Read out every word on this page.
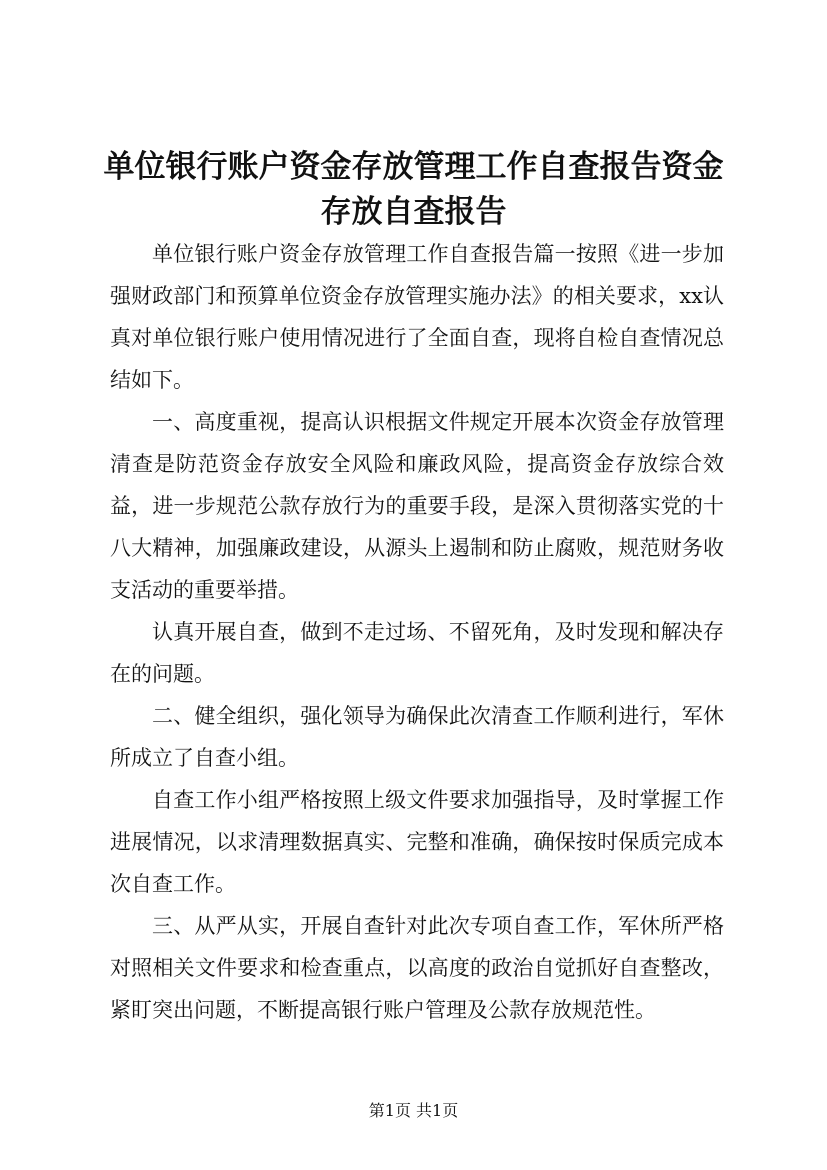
单位银行账户资金存放管理工作自查报告资金存放自查报告

单位银行账户资金存放管理工作自查报告篇一按照《进一步加强财政部门和预算单位资金存放管理实施办法》的相关要求，xx认真对单位银行账户使用情况进行了全面自查，现将自检自查情况总结如下。

一、高度重视，提高认识根据文件规定开展本次资金存放管理清查是防范资金存放安全风险和廉政风险，提高资金存放综合效益，进一步规范公款存放行为的重要手段，是深入贯彻落实党的十八大精神，加强廉政建设，从源头上遏制和防止腐败，规范财务收支活动的重要举措。

认真开展自查，做到不走过场、不留死角，及时发现和解决存在的问题。

二、健全组织，强化领导为确保此次清查工作顺利进行，军休所成立了自查小组。

自查工作小组严格按照上级文件要求加强指导，及时掌握工作进展情况，以求清理数据真实、完整和准确，确保按时保质完成本次自查工作。

三、从严从实，开展自查针对此次专项自查工作，军休所严格对照相关文件要求和检查重点，以高度的政治自觉抓好自查整改，紧盯突出问题，不断提高银行账户管理及公款存放规范性。

第1页 共1页
